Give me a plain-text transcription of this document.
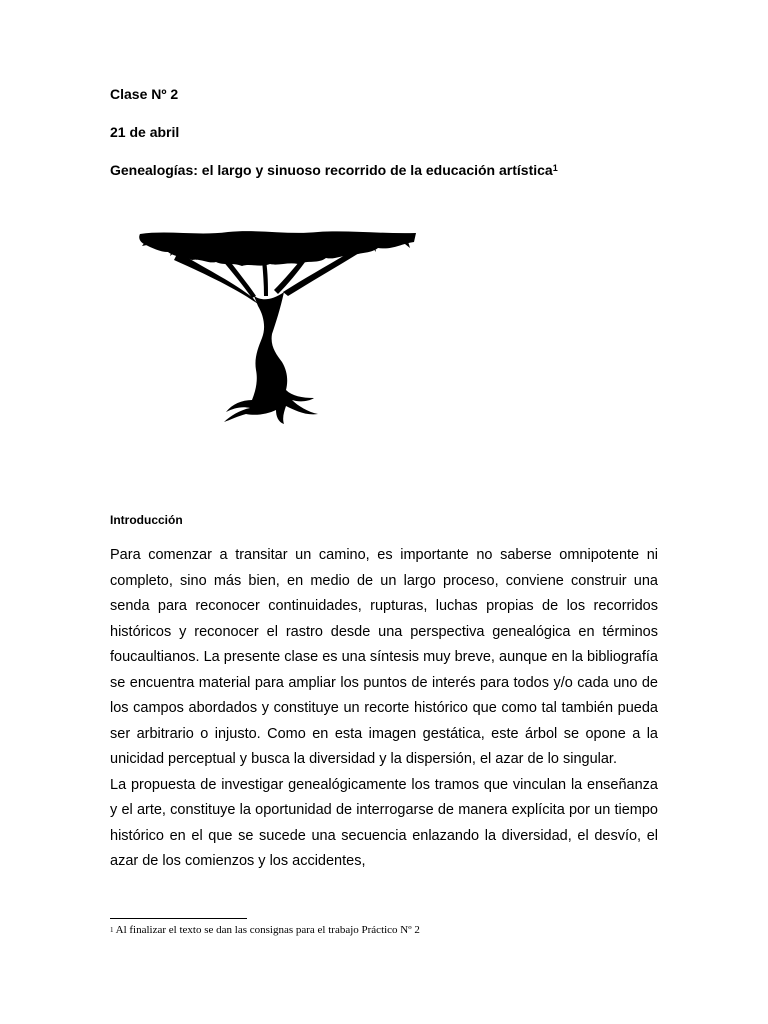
Clase Nº 2
21 de abril
Genealogías: el largo y sinuoso recorrido de la educación artística$^1$
Introducción

Para comenzar a transitar un camino, es importante no saberse omnipotente ni completo, sino más bien, en medio de un largo proceso, conviene construir una senda para reconocer continuidades, rupturas, luchas propias de los recorridos históricos y reconocer el rastro desde una perspectiva genealógica en términos foucaultianos. La presente clase es una síntesis muy breve, aunque en la bibliografía se encuentra material para ampliar los puntos de interés para todos y/o cada uno de los campos abordados y constituye un recorte histórico que como tal también pueda ser arbitrario o injusto. Como en esta imagen gestática, este árbol se opone a la unicidad perceptual y busca la diversidad y la dispersión, el azar de lo singular.

La propuesta de investigar genealógicamente los tramos que vinculan la enseñanza y el arte, constituye la oportunidad de interrogarse de manera explícita por un tiempo histórico en el que se sucede una secuencia enlazando la diversidad, el desvío, el azar de los comienzos y los accidentes,

$^1$ Al finalizar el texto se dan las consignas para el trabajo Práctico Nº 2
